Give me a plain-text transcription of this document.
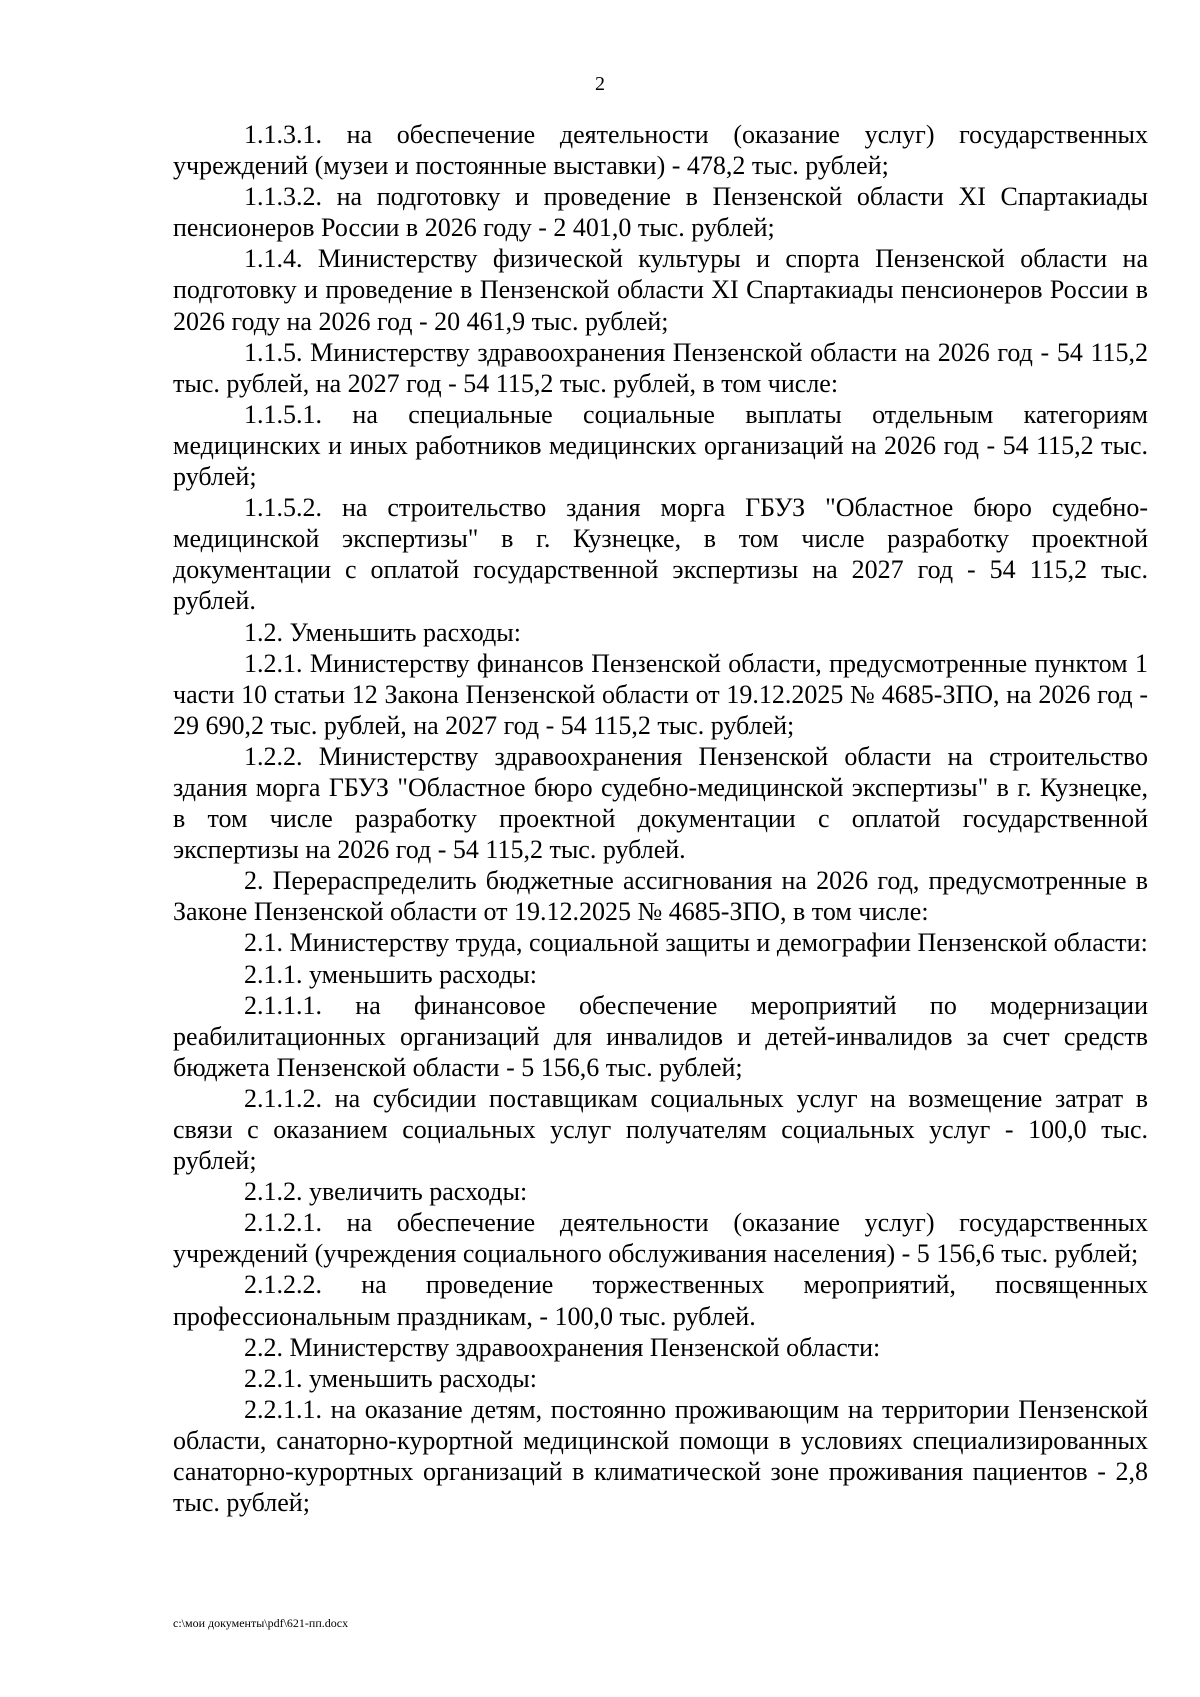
2

1.1.3.1. на обеспечение деятельности (оказание услуг) государственных учреждений (музеи и постоянные выставки) - 478,2 тыс. рублей;

1.1.3.2. на подготовку и проведение в Пензенской области XI Спартакиады пенсионеров России в 2026 году - 2 401,0 тыс. рублей;

1.1.4. Министерству физической культуры и спорта Пензенской области на подготовку и проведение в Пензенской области XI Спартакиады пенсионеров России в 2026 году на 2026 год - 20 461,9 тыс. рублей;

1.1.5. Министерству здравоохранения Пензенской области на 2026 год - 54 115,2 тыс. рублей, на 2027 год - 54 115,2 тыс. рублей, в том числе:

1.1.5.1. на специальные социальные выплаты отдельным категориям медицинских и иных работников медицинских организаций на 2026 год - 54 115,2 тыс. рублей;

1.1.5.2. на строительство здания морга ГБУЗ "Областное бюро судебно-медицинской экспертизы" в г. Кузнецке, в том числе разработку проектной документации с оплатой государственной экспертизы на 2027 год - 54 115,2 тыс. рублей.

1.2. Уменьшить расходы:

1.2.1. Министерству финансов Пензенской области, предусмотренные пунктом 1 части 10 статьи 12 Закона Пензенской области от 19.12.2025 № 4685-ЗПО, на 2026 год - 29 690,2 тыс. рублей, на 2027 год - 54 115,2 тыс. рублей;

1.2.2. Министерству здравоохранения Пензенской области на строительство здания морга ГБУЗ "Областное бюро судебно-медицинской экспертизы" в г. Кузнецке, в том числе разработку проектной документации с оплатой государственной экспертизы на 2026 год - 54 115,2 тыс. рублей.

2. Перераспределить бюджетные ассигнования на 2026 год, предусмотренные в Законе Пензенской области от 19.12.2025 № 4685-ЗПО, в том числе:

2.1. Министерству труда, социальной защиты и демографии Пензенской области:

2.1.1. уменьшить расходы:

2.1.1.1. на финансовое обеспечение мероприятий по модернизации реабилитационных организаций для инвалидов и детей-инвалидов за счет средств бюджета Пензенской области - 5 156,6 тыс. рублей;

2.1.1.2. на субсидии поставщикам социальных услуг на возмещение затрат в связи с оказанием социальных услуг получателям социальных услуг - 100,0 тыс. рублей;

2.1.2. увеличить расходы:

2.1.2.1. на обеспечение деятельности (оказание услуг) государственных учреждений (учреждения социального обслуживания населения) - 5 156,6 тыс. рублей;

2.1.2.2. на проведение торжественных мероприятий, посвященных профессиональным праздникам, - 100,0 тыс. рублей.

2.2. Министерству здравоохранения Пензенской области:

2.2.1. уменьшить расходы:

2.2.1.1. на оказание детям, постоянно проживающим на территории Пензенской области, санаторно-курортной медицинской помощи в условиях специализированных санаторно-курортных организаций в климатической зоне проживания пациентов - 2,8 тыс. рублей;

c:\мои документы\pdf\621-пп.docx
